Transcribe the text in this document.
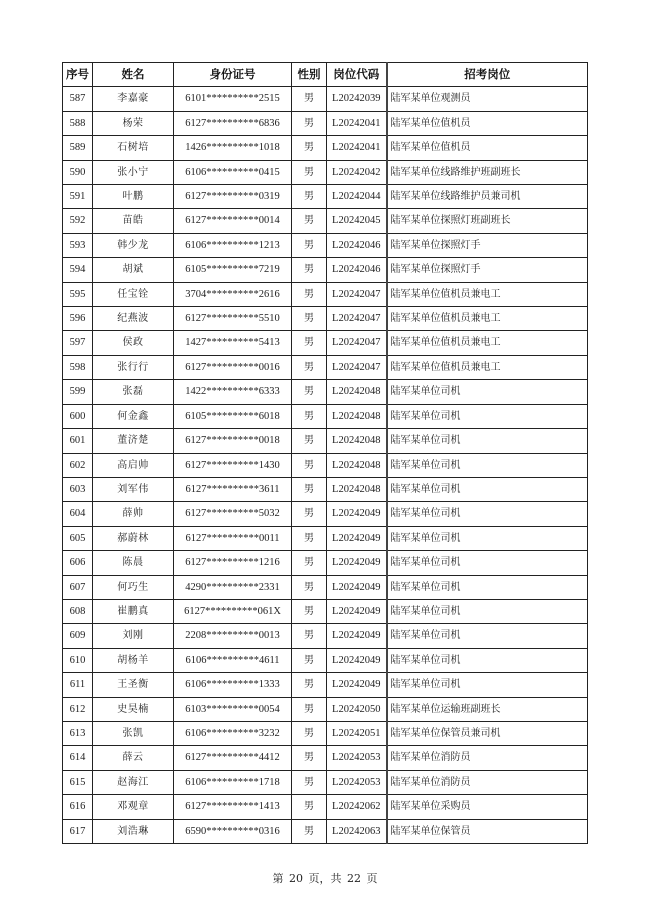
序号	姓名	身份证号	性别	岗位代码	招考岗位
587	李嘉豪	6101**********2515	男	L20242039	陆军某单位观测员
588	杨荣	6127**********6836	男	L20242041	陆军某单位值机员
589	石树培	1426**********1018	男	L20242041	陆军某单位值机员
590	张小宁	6106**********0415	男	L20242042	陆军某单位线路维护班副班长
591	叶鹏	6127**********0319	男	L20242044	陆军某单位线路维护员兼司机
592	苗皓	6127**********0014	男	L20242045	陆军某单位探照灯班副班长
593	韩少龙	6106**********1213	男	L20242046	陆军某单位探照灯手
594	胡斌	6105**********7219	男	L20242046	陆军某单位探照灯手
595	任宝铨	3704**********2616	男	L20242047	陆军某单位值机员兼电工
596	纪燕波	6127**********5510	男	L20242047	陆军某单位值机员兼电工
597	侯政	1427**********5413	男	L20242047	陆军某单位值机员兼电工
598	张行行	6127**********0016	男	L20242047	陆军某单位值机员兼电工
599	张磊	1422**********6333	男	L20242048	陆军某单位司机
600	何金鑫	6105**********6018	男	L20242048	陆军某单位司机
601	董济楚	6127**********0018	男	L20242048	陆军某单位司机
602	高启帅	6127**********1430	男	L20242048	陆军某单位司机
603	刘军伟	6127**********3611	男	L20242048	陆军某单位司机
604	薛帅	6127**********5032	男	L20242049	陆军某单位司机
605	郝蔚林	6127**********0011	男	L20242049	陆军某单位司机
606	陈晨	6127**********1216	男	L20242049	陆军某单位司机
607	何巧生	4290**********2331	男	L20242049	陆军某单位司机
608	崔鹏真	6127**********061X	男	L20242049	陆军某单位司机
609	刘刚	2208**********0013	男	L20242049	陆军某单位司机
610	胡杨羊	6106**********4611	男	L20242049	陆军某单位司机
611	王圣衡	6106**********1333	男	L20242049	陆军某单位司机
612	史昊楠	6103**********0054	男	L20242050	陆军某单位运输班副班长
613	张凯	6106**********3232	男	L20242051	陆军某单位保管员兼司机
614	薛云	6127**********4412	男	L20242053	陆军某单位消防员
615	赵海江	6106**********1718	男	L20242053	陆军某单位消防员
616	邓观章	6127**********1413	男	L20242062	陆军某单位采购员
617	刘浩琳	6590**********0316	男	L20242063	陆军某单位保管员
第 20 页，共 22 页
